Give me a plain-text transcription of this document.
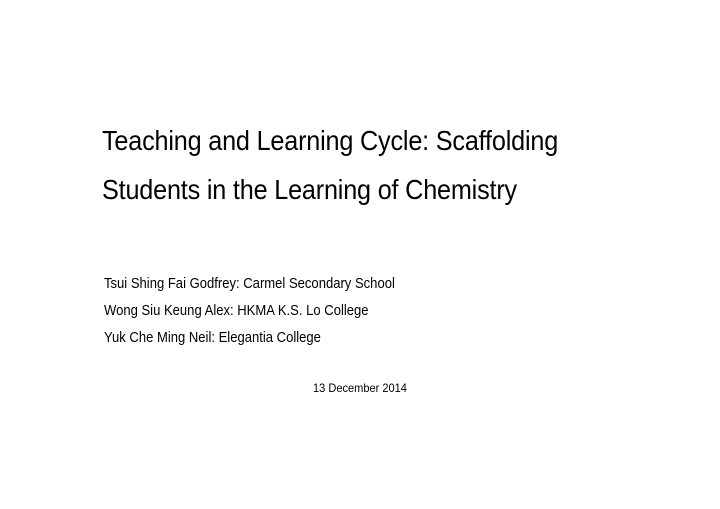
Teaching and Learning Cycle: Scaffolding
Students in the Learning of Chemistry
Tsui Shing Fai Godfrey: Carmel Secondary School
Wong Siu Keung Alex: HKMA K.S. Lo College
Yuk Che Ming Neil: Elegantia College
13 December 2014
